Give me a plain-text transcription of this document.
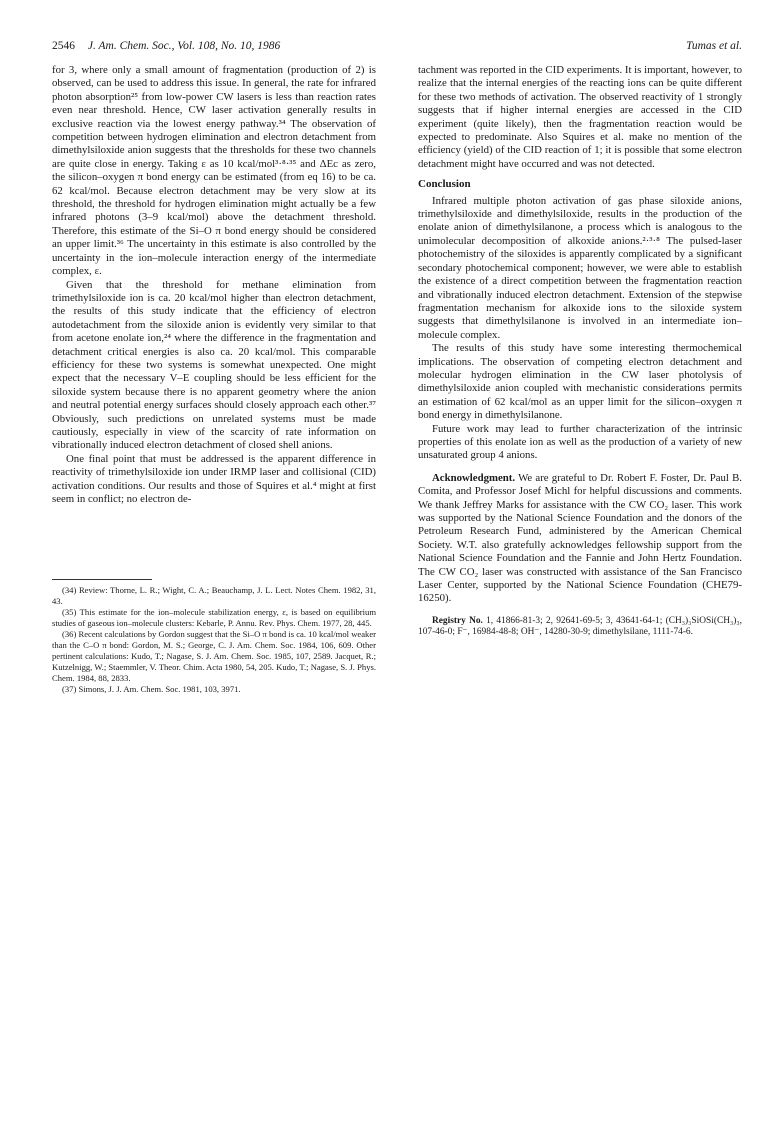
2546 J. Am. Chem. Soc., Vol. 108, No. 10, 1986	Tumas et al.

for 3, where only a small amount of fragmentation (production of 2) is observed, can be used to address this issue. In general, the rate for infrared photon absorption²⁵ from low-power CW lasers is less than reaction rates even near threshold. Hence, CW laser activation generally results in exclusive reaction via the lowest energy pathway.³⁴ The observation of competition between hydrogen elimination and electron detachment from dimethylsiloxide anion suggests that the thresholds for these two channels are quite close in energy. Taking ε as 10 kcal/mol³·⁸·³⁵ and ΔEc as zero, the silicon–oxygen π bond energy can be estimated (from eq 16) to be ca. 62 kcal/mol. Because electron detachment may be very slow at its threshold, the threshold for hydrogen elimination might actually be a few infrared photons (3–9 kcal/mol) above the detachment threshold. Therefore, this estimate of the Si–O π bond energy should be considered an upper limit.³⁶ The uncertainty in this estimate is also controlled by the uncertainty in the ion–molecule interaction energy of the intermediate complex, ε.

Given that the threshold for methane elimination from trimethylsiloxide ion is ca. 20 kcal/mol higher than electron detachment, the results of this study indicate that the efficiency of electron autodetachment from the siloxide anion is evidently very similar to that from acetone enolate ion,²⁴ where the difference in the fragmentation and detachment critical energies is also ca. 20 kcal/mol. This comparable efficiency for these two systems is somewhat unexpected. One might expect that the necessary V–E coupling should be less efficient for the siloxide system because there is no apparent geometry where the anion and neutral potential energy surfaces should closely approach each other.³⁷ Obviously, such predictions on unrelated systems must be made cautiously, especially in view of the scarcity of rate information on vibrationally induced electron detachment of closed shell anions.

One final point that must be addressed is the apparent difference in reactivity of trimethylsiloxide ion under IRMP laser and collisional (CID) activation conditions. Our results and those of Squires et al.⁴ might at first seem in conflict; no electron de-

(34) Review: Thorne, L. R.; Wight, C. A.; Beauchamp, J. L. Lect. Notes Chem. 1982, 31, 43.

(35) This estimate for the ion–molecule stabilization energy, ε, is based on equilibrium studies of gaseous ion–molecule clusters: Kebarle, P. Annu. Rev. Phys. Chem. 1977, 28, 445.

(36) Recent calculations by Gordon suggest that the Si–O π bond is ca. 10 kcal/mol weaker than the C–O π bond: Gordon, M. S.; George, C. J. Am. Chem. Soc. 1984, 106, 609. Other pertinent calculations: Kudo, T.; Nagase, S. J. Am. Chem. Soc. 1985, 107, 2589. Jacquet, R.; Kutzelnigg, W.; Staemmler, V. Theor. Chim. Acta 1980, 54, 205. Kudo, T.; Nagase, S. J. Phys. Chem. 1984, 88, 2833.

(37) Simons, J. J. Am. Chem. Soc. 1981, 103, 3971.

tachment was reported in the CID experiments. It is important, however, to realize that the internal energies of the reacting ions can be quite different for these two methods of activation. The observed reactivity of 1 strongly suggests that if higher internal energies are accessed in the CID experiment (quite likely), then the fragmentation reaction would be expected to predominate. Also Squires et al. make no mention of the efficiency (yield) of the CID reaction of 1; it is possible that some electron detachment might have occurred and was not detected.

Conclusion

Infrared multiple photon activation of gas phase siloxide anions, trimethylsiloxide and dimethylsiloxide, results in the production of the enolate anion of dimethylsilanone, a process which is analogous to the unimolecular decomposition of alkoxide anions.²·³·⁸ The pulsed-laser photochemistry of the siloxides is apparently complicated by a significant secondary photochemical component; however, we were able to establish the existence of a direct competition between the fragmentation reaction and vibrationally induced electron detachment. Extension of the stepwise fragmentation mechanism for alkoxide ions to the siloxide system suggests that dimethylsilanone is involved in an intermediate ion–molecule complex.

The results of this study have some interesting thermochemical implications. The observation of competing electron detachment and molecular hydrogen elimination in the CW laser photolysis of dimethylsiloxide anion coupled with mechanistic considerations permits an estimation of 62 kcal/mol as an upper limit for the silicon–oxygen π bond energy in dimethylsilanone.

Future work may lead to further characterization of the intrinsic properties of this enolate ion as well as the production of a variety of new unsaturated group 4 anions.

Acknowledgment. We are grateful to Dr. Robert F. Foster, Dr. Paul B. Comita, and Professor Josef Michl for helpful discussions and comments. We thank Jeffrey Marks for assistance with the CW CO₂ laser. This work was supported by the National Science Foundation and the donors of the Petroleum Research Fund, administered by the American Chemical Society. W.T. also gratefully acknowledges fellowship support from the National Science Foundation and the Fannie and John Hertz Foundation. The CW CO₂ laser was constructed with assistance of the San Francisco Laser Center, supported by the National Science Foundation (CHE79-16250).

Registry No. 1, 41866-81-3; 2, 92641-69-5; 3, 43641-64-1; (CH₃)₃SiOSi(CH₃)₃, 107-46-0; F⁻, 16984-48-8; OH⁻, 14280-30-9; dimethylsilane, 1111-74-6.
